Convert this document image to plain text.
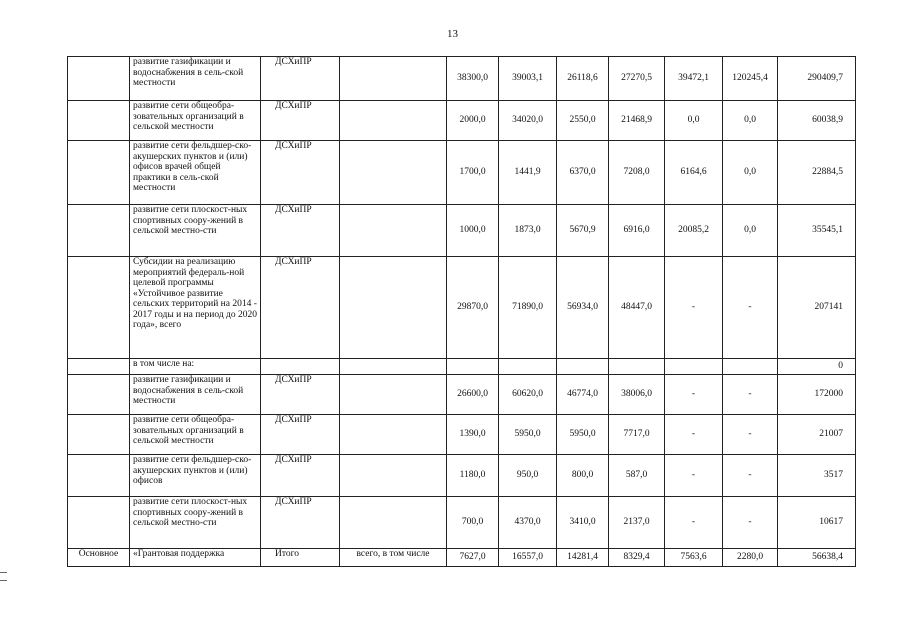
13
	развитие газификации и водоснабжения в сель-ской местности	ДСХиПР		38300,0	39003,1	26118,6	27270,5	39472,1	120245,4	290409,7
	развитие сети общеобра-зовательных организаций в сельской местности	ДСХиПР		2000,0	34020,0	2550,0	21468,9	0,0	0,0	60038,9
	развитие сети фельдшер-ско-акушерских пунктов и (или) офисов врачей общей практики в сель-ской местности	ДСХиПР		1700,0	1441,9	6370,0	7208,0	6164,6	0,0	22884,5
	развитие сети плоскост-ных спортивных соору-жений в сельской местно-сти	ДСХиПР		1000,0	1873,0	5670,9	6916,0	20085,2	0,0	35545,1
	Субсидии на реализацию мероприятий федераль-ной целевой программы «Устойчивое развитие сельских территорий на 2014 - 2017 годы и на период до 2020 года», всего	ДСХиПР		29870,0	71890,0	56934,0	48447,0	-	-	207141
	в том числе на:									0
	развитие газификации и водоснабжения в сель-ской местности	ДСХиПР		26600,0	60620,0	46774,0	38006,0	-	-	172000
	развитие сети общеобра-зовательных организаций в сельской местности	ДСХиПР		1390,0	5950,0	5950,0	7717,0	-	-	21007
	развитие сети фельдшер-ско-акушерских пунктов и (или) офисов	ДСХиПР		1180,0	950,0	800,0	587,0	-	-	3517
	развитие сети плоскост-ных спортивных соору-жений в сельской местно-сти	ДСХиПР		700,0	4370,0	3410,0	2137,0	-	-	10617
Основное	«Грантовая поддержка	Итого	всего, в том числе	7627,0	16557,0	14281,4	8329,4	7563,6	2280,0	56638,4
